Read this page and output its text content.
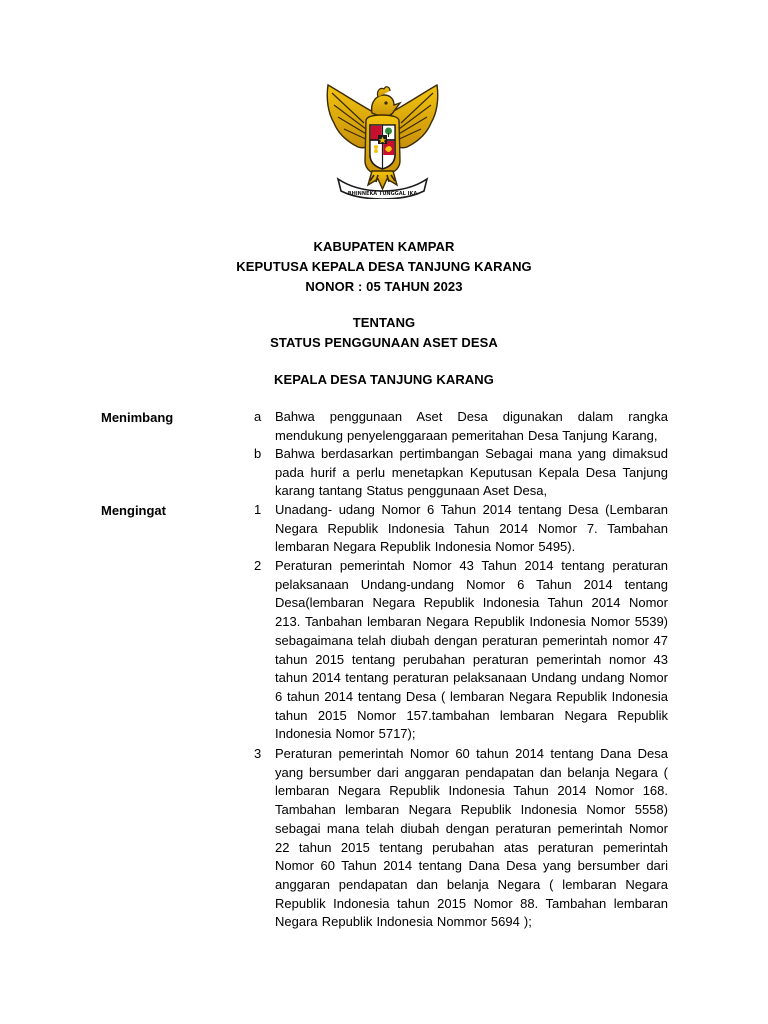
BHINNEKA TUNGGAL IKA
KABUPATEN KAMPAR
KEPUTUSA KEPALA DESA TANJUNG KARANG
NONOR : 05 TAHUN 2023
TENTANG
STATUS PENGGUNAAN ASET DESA
KEPALA DESA TANJUNG KARANG
Menimbang	a	Bahwa penggunaan Aset Desa digunakan dalam rangka mendukung penyelenggaraan pemeritahan Desa Tanjung Karang,
b	Bahwa berdasarkan pertimbangan Sebagai mana yang dimaksud pada hurif a perlu menetapkan Keputusan Kepala Desa Tanjung karang tantang Status penggunaan Aset Desa,
Mengingat	1	Unadang- udang Nomor 6 Tahun 2014 tentang Desa (Lembaran Negara Republik Indonesia Tahun 2014 Nomor 7. Tambahan lembaran Negara Republik Indonesia Nomor 5495).
2	Peraturan pemerintah Nomor 43 Tahun 2014 tentang peraturan pelaksanaan Undang-undang Nomor 6 Tahun 2014 tentang Desa(lembaran Negara Republik Indonesia Tahun 2014 Nomor 213. Tanbahan lembaran Negara Republik Indonesia Nomor 5539) sebagaimana telah diubah dengan peraturan pemerintah nomor 47 tahun 2015 tentang perubahan peraturan pemerintah nomor 43 tahun 2014 tentang peraturan pelaksanaan Undang undang Nomor 6 tahun 2014 tentang Desa ( lembaran Negara Republik Indonesia tahun 2015 Nomor 157.tambahan lembaran Negara Republik Indonesia Nomor 5717);
3	Peraturan pemerintah Nomor 60 tahun 2014 tentang Dana Desa yang bersumber dari anggaran pendapatan dan belanja Negara ( lembaran Negara Republik Indonesia Tahun 2014 Nomor 168. Tambahan lembaran Negara Republik Indonesia Nomor 5558) sebagai mana telah diubah dengan peraturan pemerintah Nomor 22 tahun 2015 tentang perubahan atas peraturan pemerintah Nomor 60 Tahun 2014 tentang Dana Desa yang bersumber dari anggaran pendapatan dan belanja Negara ( lembaran Negara Republik Indonesia tahun 2015 Nomor 88. Tambahan lembaran Negara Republik Indonesia Nommor 5694 );
